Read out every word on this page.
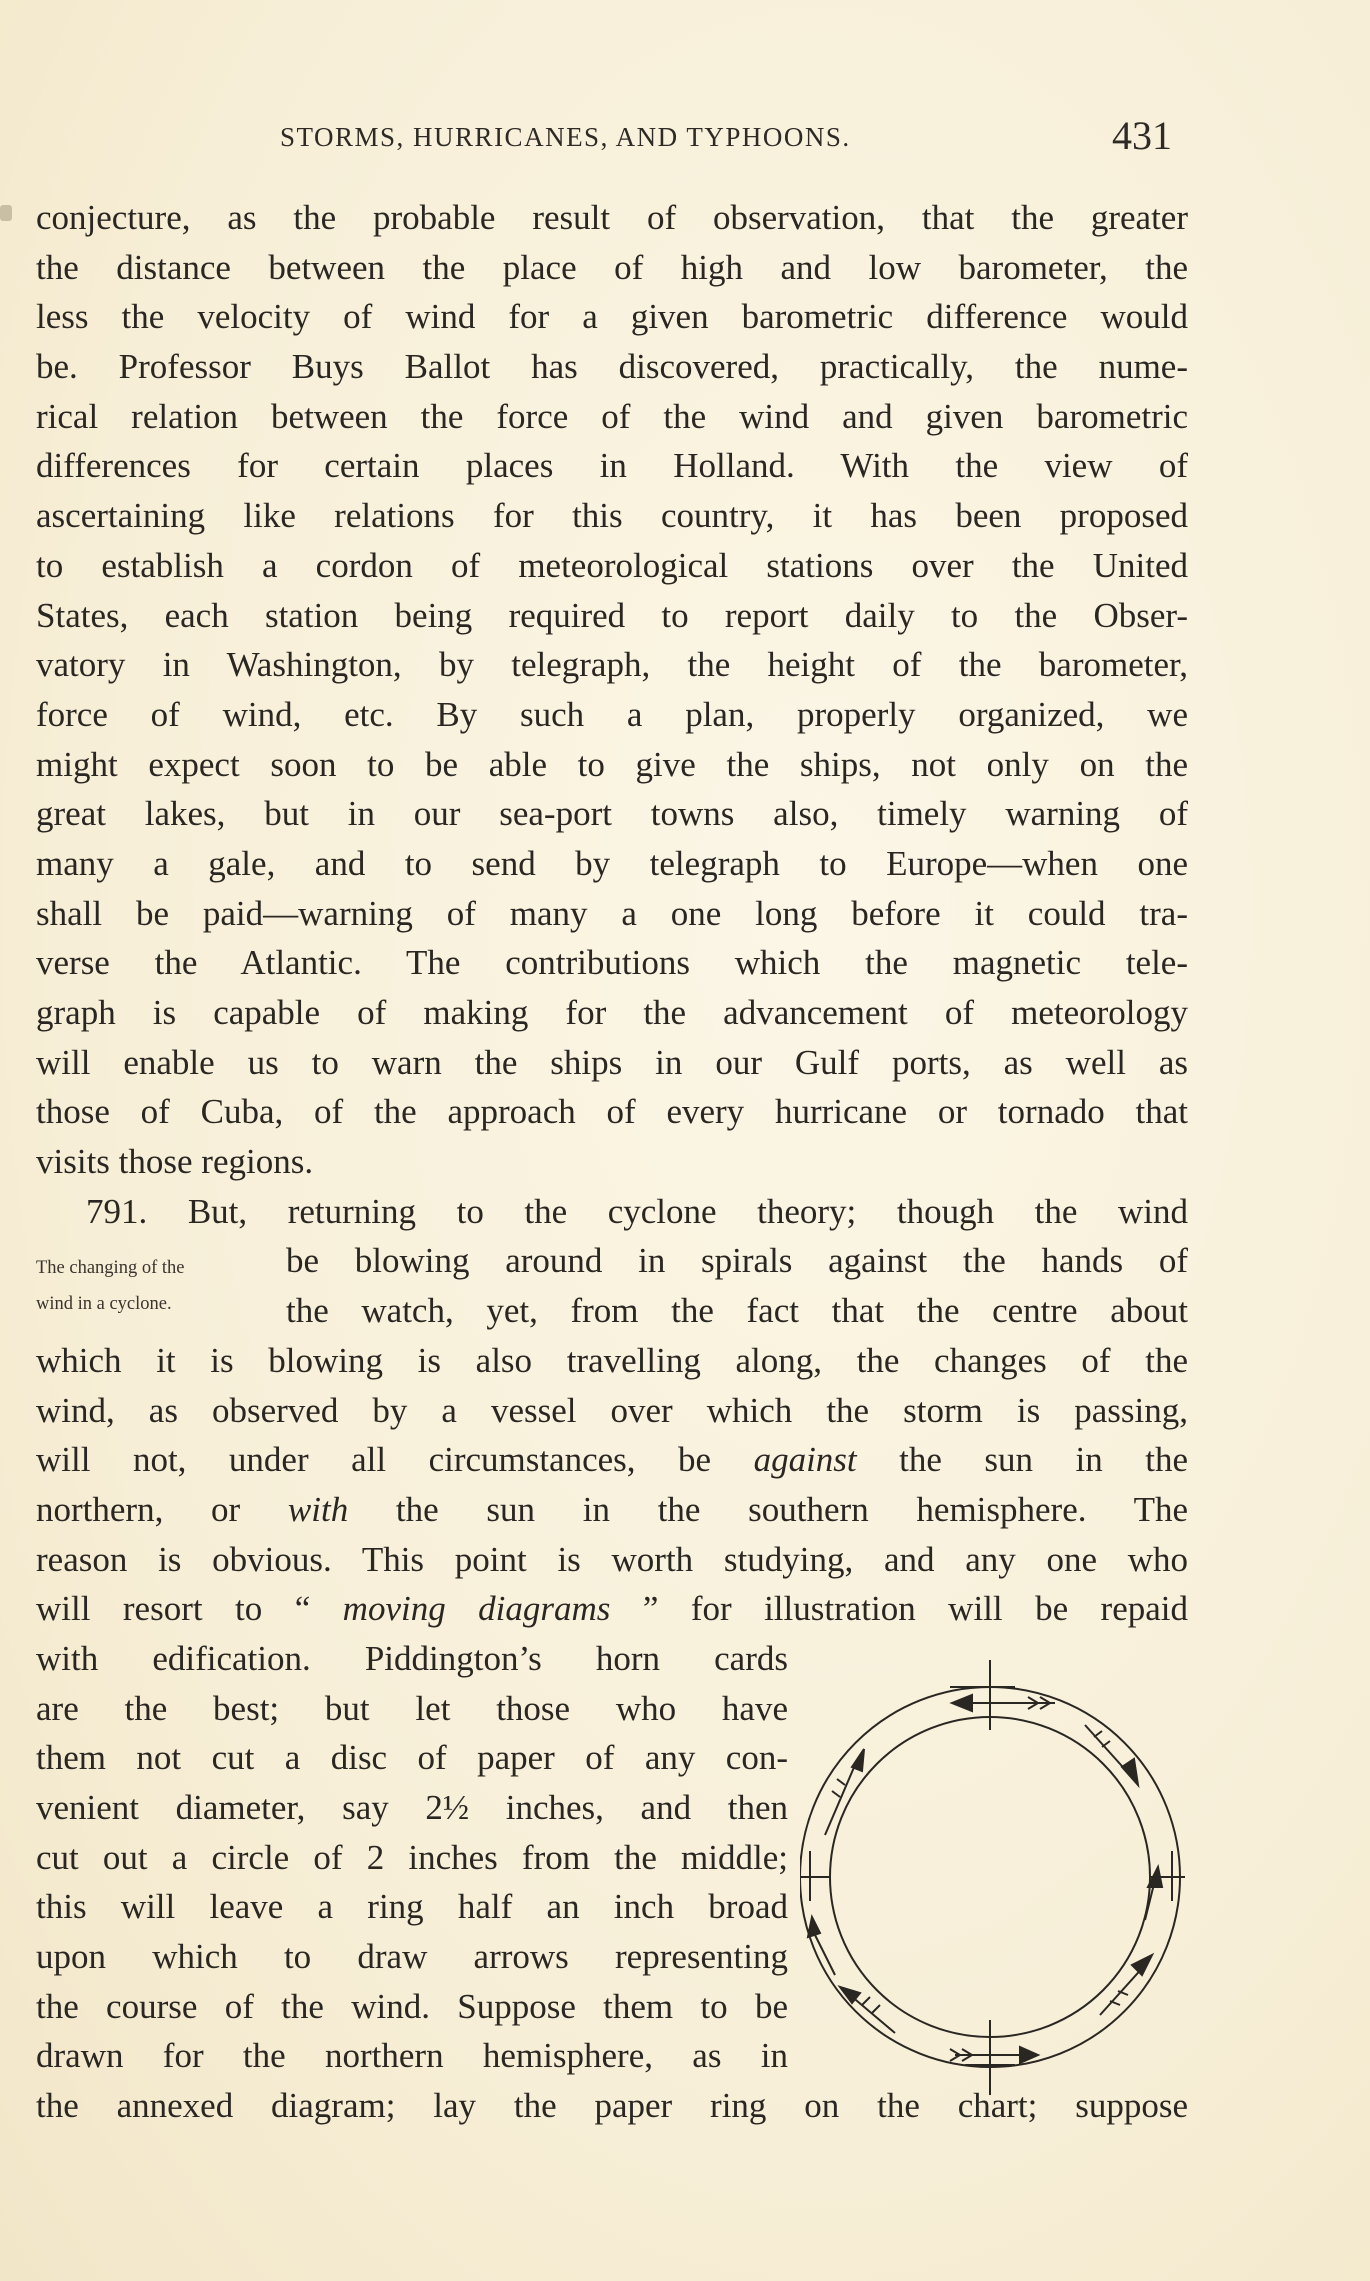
STORMS, HURRICANES, AND TYPHOONS.	431
conjecture, as the probable result of observation, that the greater
the distance between the place of high and low barometer, the
less the velocity of wind for a given barometric difference would
be. Professor Buys Ballot has discovered, practically, the nume-
rical relation between the force of the wind and given barometric
differences for certain places in Holland. With the view of
ascertaining like relations for this country, it has been proposed
to establish a cordon of meteorological stations over the United
States, each station being required to report daily to the Obser-
vatory in Washington, by telegraph, the height of the barometer,
force of wind, etc. By such a plan, properly organized, we
might expect soon to be able to give the ships, not only on the
great lakes, but in our sea-port towns also, timely warning of
many a gale, and to send by telegraph to Europe—when one
shall be paid—warning of many a one long before it could tra-
verse the Atlantic. The contributions which the magnetic tele-
graph is capable of making for the advancement of meteorology
will enable us to warn the ships in our Gulf ports, as well as
those of Cuba, of the approach of every hurricane or tornado that
visits those regions.
791. But, returning to the cyclone theory; though the wind
The changing of the	be blowing around in spirals against the hands of
wind in a cyclone.	the watch, yet, from the fact that the centre about
which it is blowing is also travelling along, the changes of the
wind, as observed by a vessel over which the storm is passing,
will not, under all circumstances, be against the sun in the
northern, or with the sun in the southern hemisphere. The
reason is obvious. This point is worth studying, and any one who
will resort to “ moving diagrams ” for illustration will be repaid
with edification. Piddington’s horn cards
are the best; but let those who have
them not cut a disc of paper of any con-
venient diameter, say 2½ inches, and then
cut out a circle of 2 inches from the middle;
this will leave a ring half an inch broad
upon which to draw arrows representing
the course of the wind. Suppose them to be
drawn for the northern hemisphere, as in
the annexed diagram; lay the paper ring on the chart; suppose
